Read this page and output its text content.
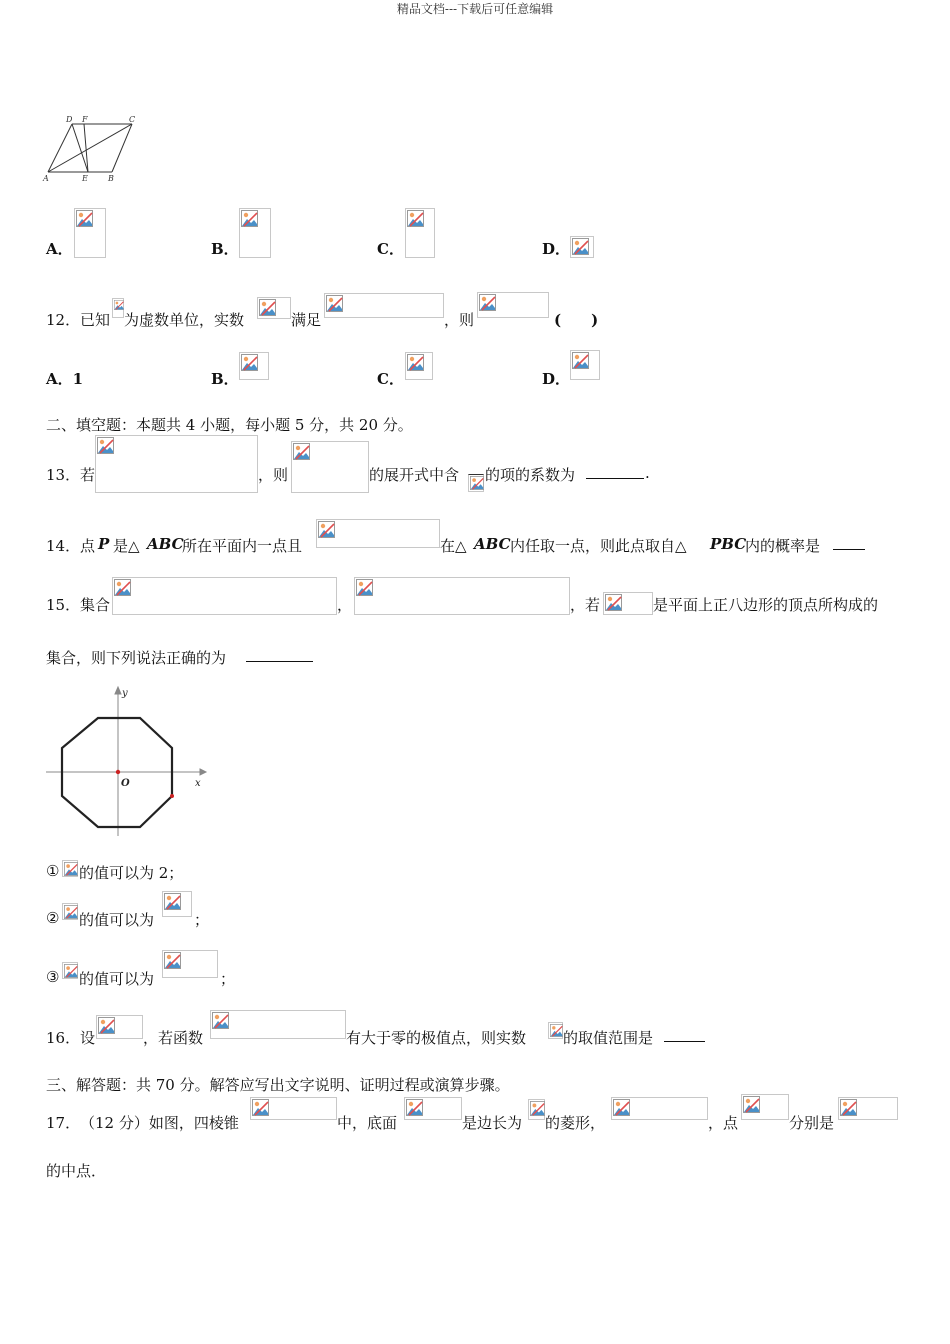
精品文档---下载后可任意编辑
D F	C
A	E	B
A．	B．	C．	D．
12． 已知 为虚数单位，实数	满足	，则	(　　)
A．1	B．	C．	D．
二、填空题：本题共 4 小题，每小题 5 分，共 20 分。
13． 若	，则	的展开式中含 的项的系数为	.
14． 点 P 是△ ABC
所在平面内一点且	在△ ABC 内任取一点，则此点取自△ PBC
内的概率是
15． 集合	，	，若	是平面上正八边形的顶点所构成的
集合，则下列说法正确的为
y
x
O
① 的值可以为 2；
② 的值可以为	；
③ 的值可以为	；
16． 设	，若函数	有大于零的极值点，则实数 的取值范围是
三、解答题：共 70 分。解答应写出文字说明、证明过程或演算步骤。
17． （12 分）如图，四棱锥	中，底面	是边长为 的菱形，	，点	分别是
的中点．
